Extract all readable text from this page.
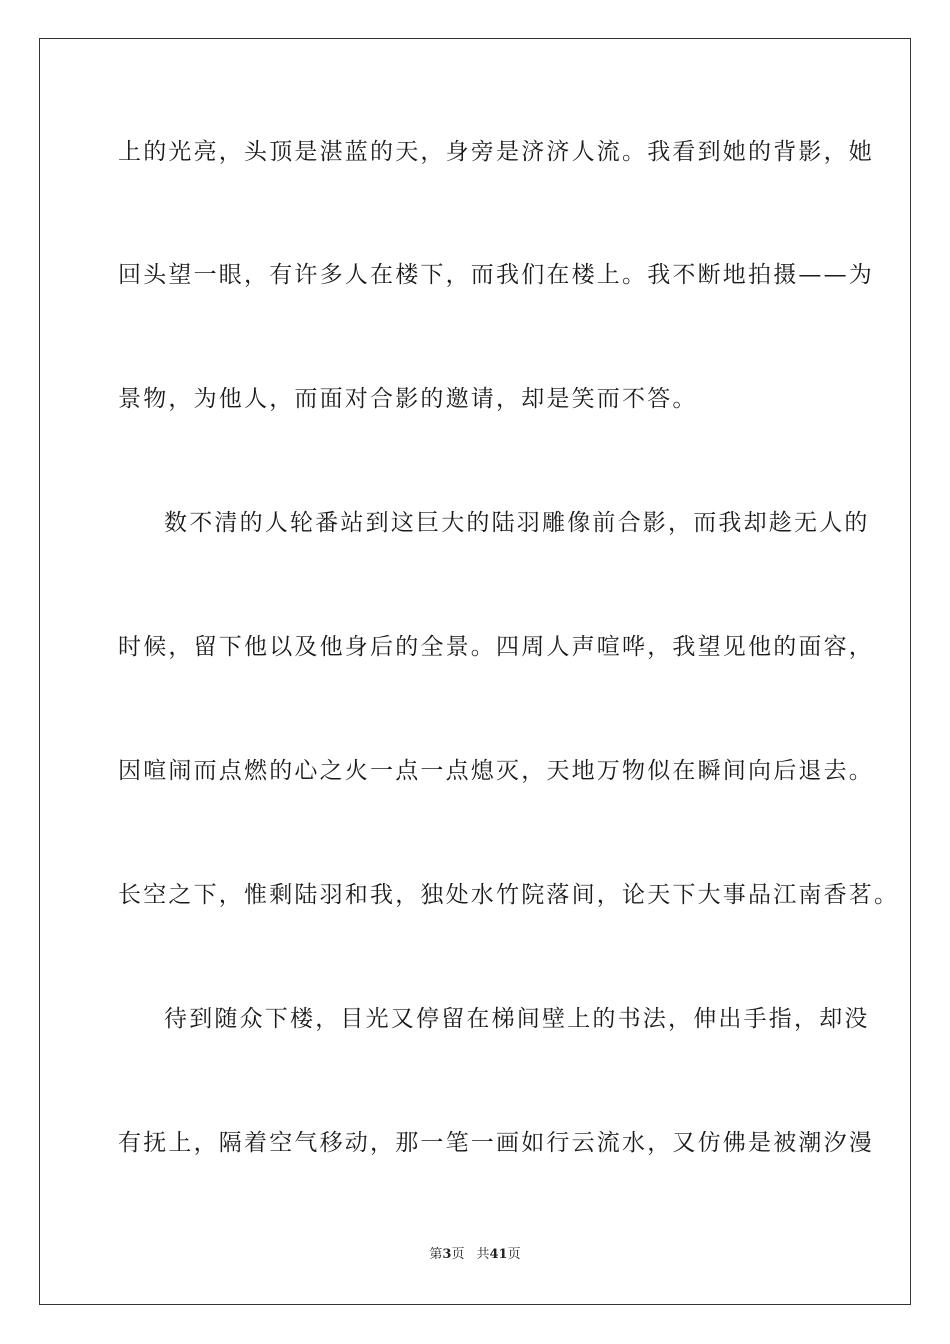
上的光亮，头顶是湛蓝的天，身旁是济济人流。我看到她的背影，她
回头望一眼，有许多人在楼下，而我们在楼上。我不断地拍摄——为
景物，为他人，而面对合影的邀请，却是笑而不答。
数不清的人轮番站到这巨大的陆羽雕像前合影，而我却趁无人的
时候，留下他以及他身后的全景。四周人声喧哗，我望见他的面容，
因喧闹而点燃的心之火一点一点熄灭，天地万物似在瞬间向后退去。
长空之下，惟剩陆羽和我，独处水竹院落间，论天下大事品江南香茗。
待到随众下楼，目光又停留在梯间壁上的书法，伸出手指，却没
有抚上，隔着空气移动，那一笔一画如行云流水，又仿佛是被潮汐漫
第3页 共41页
